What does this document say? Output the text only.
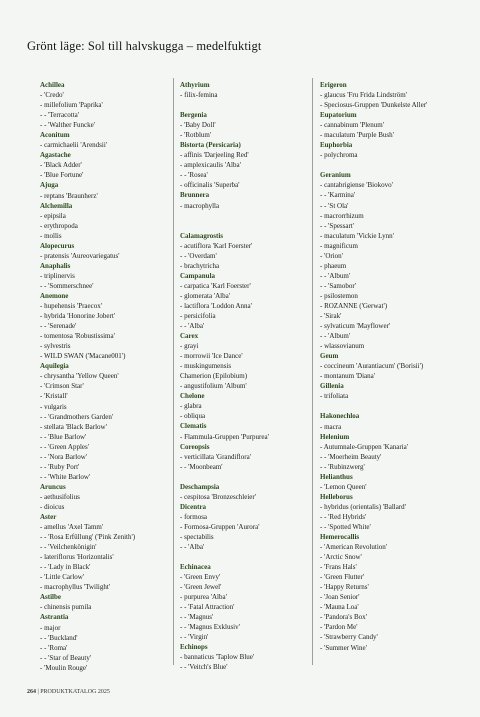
Grönt läge: Sol till halvskugga – medelfuktigt
Achillea
- 'Credo'
- millefolium 'Paprika'
- - 'Terracotta'
- - 'Walther Funcke'
Aconitum
- carmichaelii 'Arendsii'
Agastache
- 'Black Adder'
- 'Blue Fortune'
Ajuga
- reptans 'Braunherz'
Alchemilla
- epipsila
- erythropoda
- mollis
Alopecurus
- pratensis 'Aureovariegatus'
Anaphalis
- triplinervis
- - 'Sommerschnee'
Anemone
- hupehensis 'Praecox'
- hybrida 'Honorine Jobert'
- - 'Serenade'
- tomentosa 'Robustissima'
- sylvestris
- WILD SWAN ('Macane001')
Aquilegia
- chrysantha 'Yellow Queen'
- 'Crimson Star'
- 'Kristall'
- vulgaris
- - 'Grandmothers Garden'
- stellata 'Black Barlow'
- - 'Blue Barlow'
- - 'Green Apples'
- - 'Nora Barlow'
- - 'Ruby Port'
- - 'White Barlow'
Aruncus
- aethusifolius
- dioicus
Aster
- amellus 'Axel Tamm'
- - 'Rosa Erfüllung' ('Pink Zenith')
- - 'Veilchenkönigin'
- lateriflorus 'Horizontalis'
- - 'Lady in Black'
- 'Little Carlow'
- macrophyllus 'Twilight'
Astilbe
- chinensis pumila
Astrantia
- major
- - 'Buckland'
- - 'Roma'
- - 'Star of Beauty'
- 'Moulin Rouge'
Athyrium
- filix-femina
Bergenia
- 'Baby Doll'
- 'Rotblum'
Bistorta (Persicaria)
- affinis 'Darjeeling Red'
- amplexicaulis 'Alba'
- - 'Rosea'
- officinalis 'Superba'
Brunnera
- macrophylla
Calamagrostis
- acutiflora 'Karl Foerster'
- - 'Overdam'
- brachytricha
Campanula
- carpatica 'Karl Foerster'
- glomerata 'Alba'
- lactiflora 'Loddon Anna'
- persicifolia
- - 'Alba'
Carex
- grayi
- morrowii 'Ice Dance'
- muskingumensis
Chamerion (Epilobium)
- angustifolium 'Album'
Chelone
- glabra
- obliqua
Clematis
- Flammula-Gruppen 'Purpurea'
Coreopsis
- verticillata 'Grandiflora'
- - 'Moonbeam'
Deschampsia
- cespitosa 'Bronzeschleier'
Dicentra
- formosa
- Formosa-Gruppen 'Aurora'
- spectabilis
- - 'Alba'
Echinacea
- 'Green Envy'
- 'Green Jewel'
- purpurea 'Alba'
- - 'Fatal Attraction'
- - 'Magnus'
- - 'Magnus Exklusiv'
- - 'Virgin'
Echinops
- bannaticus 'Taplow Blue'
- - 'Veitch's Blue'
Erigeron
- glaucus 'Fru Frida Lindström'
- Speciosus-Gruppen 'Dunkelste Aller'
Eupatorium
- cannabinum 'Plenum'
- maculatum 'Purple Bush'
Euphorbia
- polychroma
Geranium
- cantabrigiense 'Biokovo'
- - 'Karmina'
- - 'St Ola'
- macrorrhizum
- - 'Spessart'
- maculatum 'Vickie Lynn'
- magnificum
- 'Orion'
- phaeum
- - 'Album'
- - 'Samobor'
- psilostemon
- ROZANNE ('Gerwat')
- 'Sirak'
- sylvaticum 'Mayflower'
- - 'Album'
- wlassovianum
Geum
- coccineum 'Aurantiacum' ('Borisii')
- montanum 'Diana'
Gillenia
- trifoliata
Hakonechloa
- macra
Helenium
- Autumnale-Gruppen 'Kanaria'
- - 'Moerheim Beauty'
- - 'Rubinzwerg'
Helianthus
- 'Lemon Queen'
Helleborus
- hybridus (orientalis) 'Ballard'
- - 'Red Hybrids'
- - 'Spotted White'
Hemerocallis
- 'American Revolution'
- 'Arctic Snow'
- 'Frans Hals'
- 'Green Flutter'
- 'Happy Returns'
- 'Joan Senior'
- 'Mauna Loa'
- 'Pandora's Box'
- 'Pardon Me'
- 'Strawberry Candy'
- 'Summer Wine'
264 | PRODUKTKATALOG 2025
